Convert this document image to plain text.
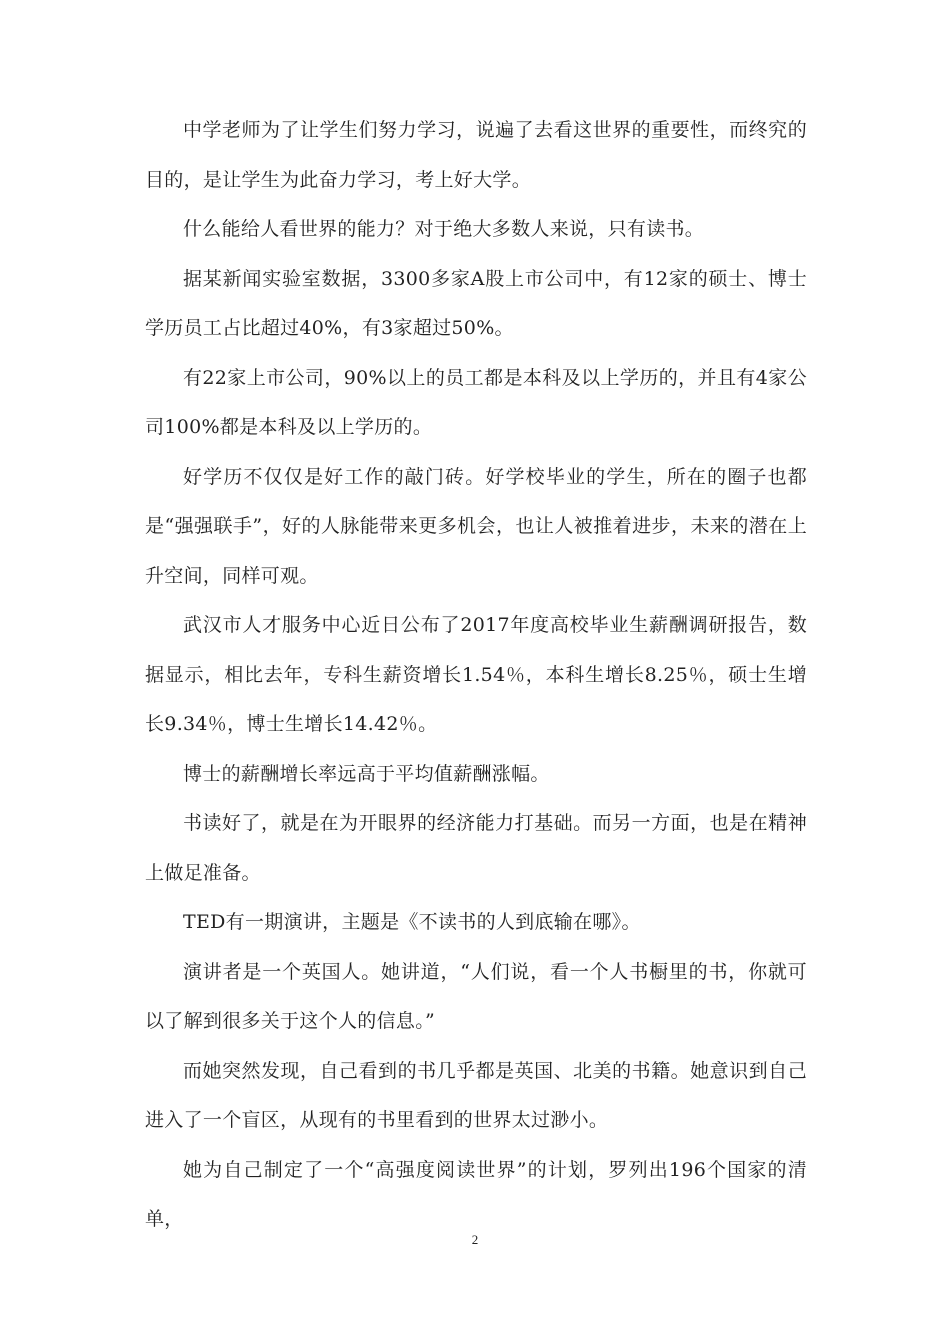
中学老师为了让学生们努力学习，说遍了去看这世界的重要性，而终究的目的，是让学生为此奋力学习，考上好大学。

什么能给人看世界的能力？对于绝大多数人来说，只有读书。

据某新闻实验室数据，3300多家A股上市公司中，有12家的硕士、博士学历员工占比超过40%，有3家超过50%。

有22家上市公司，90%以上的员工都是本科及以上学历的，并且有4家公司100%都是本科及以上学历的。

好学历不仅仅是好工作的敲门砖。好学校毕业的学生，所在的圈子也都是“强强联手”，好的人脉能带来更多机会，也让人被推着进步，未来的潜在上升空间，同样可观。

武汉市人才服务中心近日公布了2017年度高校毕业生薪酬调研报告，数据显示，相比去年，专科生薪资增长1.54％，本科生增长8.25％，硕士生增长9.34％，博士生增长14.42％。

博士的薪酬增长率远高于平均值薪酬涨幅。

书读好了，就是在为开眼界的经济能力打基础。而另一方面，也是在精神上做足准备。

TED有一期演讲，主题是《不读书的人到底输在哪》。

演讲者是一个英国人。她讲道，“人们说，看一个人书橱里的书，你就可以了解到很多关于这个人的信息。”

而她突然发现，自己看到的书几乎都是英国、北美的书籍。她意识到自己进入了一个盲区，从现有的书里看到的世界太过渺小。

她为自己制定了一个“高强度阅读世界”的计划，罗列出196个国家的清单，

2
